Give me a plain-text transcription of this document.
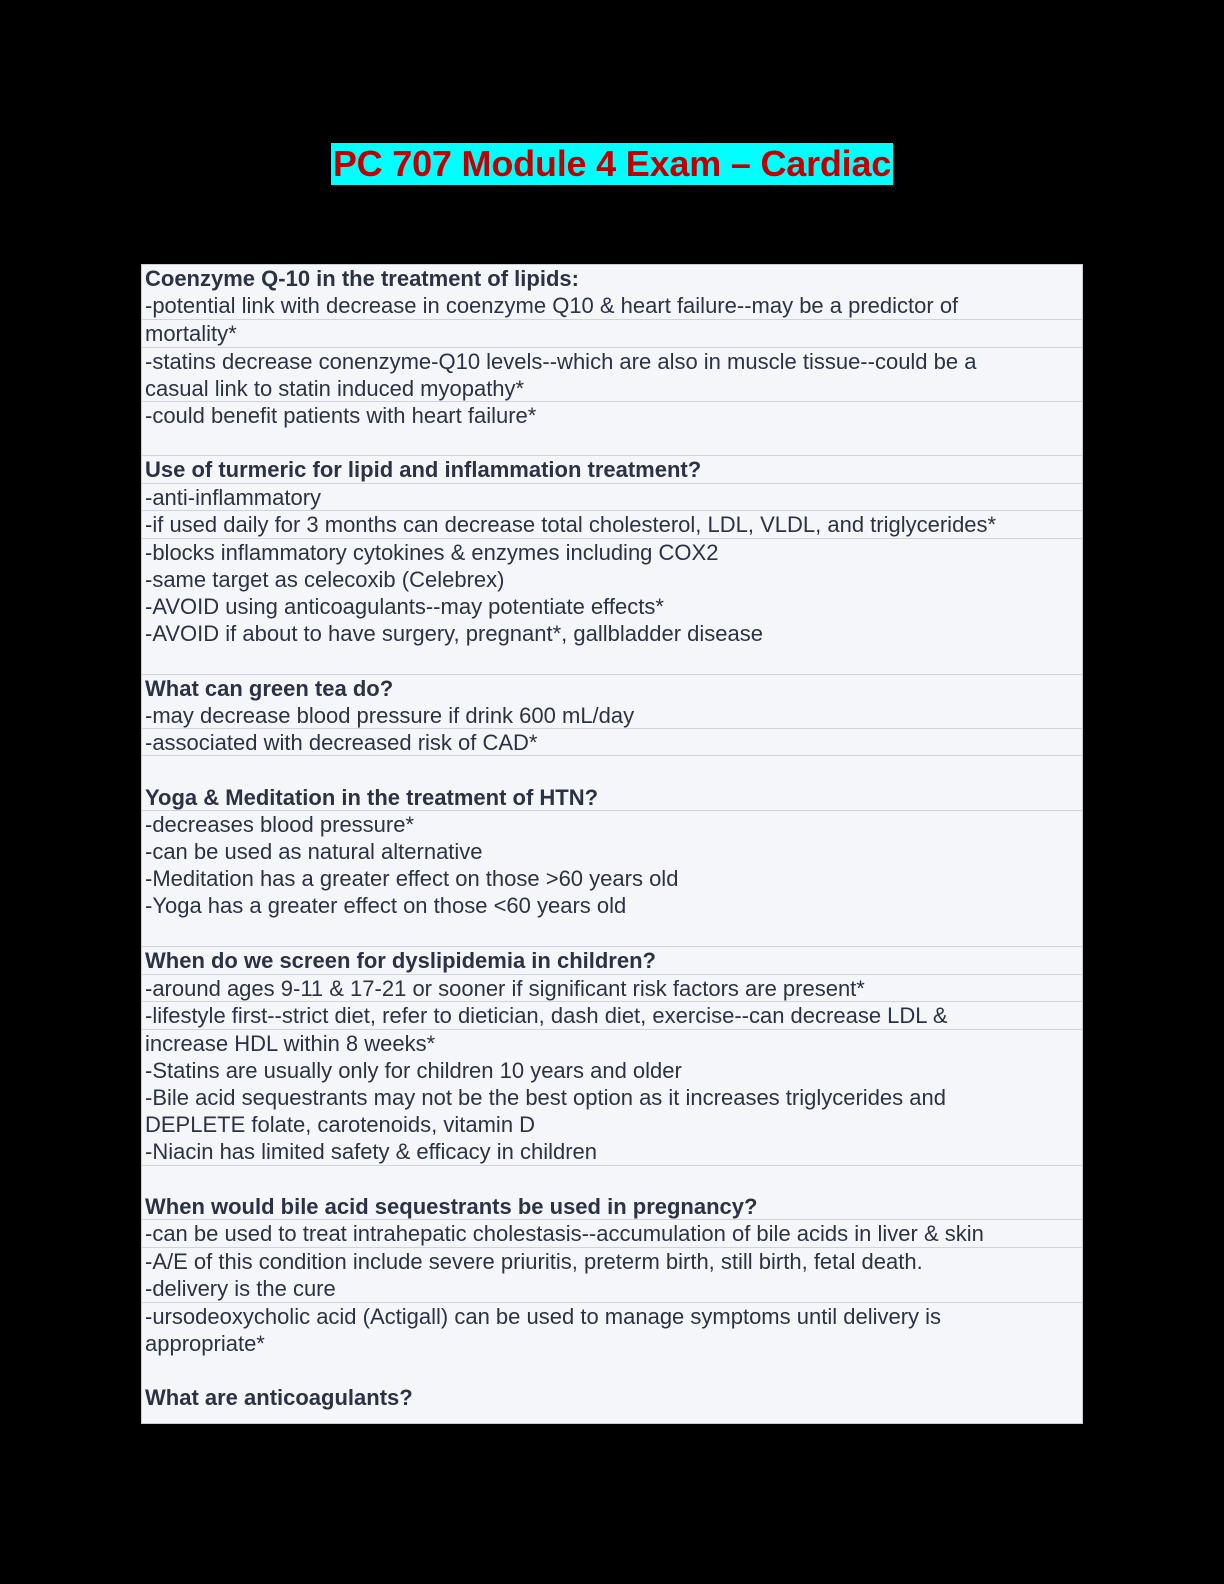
PC 707 Module 4 Exam – Cardiac
Coenzyme Q-10 in the treatment of lipids:
-potential link with decrease in coenzyme Q10 & heart failure--may be a predictor of
mortality*
-statins decrease conenzyme-Q10 levels--which are also in muscle tissue--could be a
casual link to statin induced myopathy*
-could benefit patients with heart failure*
Use of turmeric for lipid and inflammation treatment?
-anti-inflammatory
-if used daily for 3 months can decrease total cholesterol, LDL, VLDL, and triglycerides*
-blocks inflammatory cytokines & enzymes including COX2
-same target as celecoxib (Celebrex)
-AVOID using anticoagulants--may potentiate effects*
-AVOID if about to have surgery, pregnant*, gallbladder disease
What can green tea do?
-may decrease blood pressure if drink 600 mL/day
-associated with decreased risk of CAD*
Yoga & Meditation in the treatment of HTN?
-decreases blood pressure*
-can be used as natural alternative
-Meditation has a greater effect on those >60 years old
-Yoga has a greater effect on those <60 years old
When do we screen for dyslipidemia in children?
-around ages 9-11 & 17-21 or sooner if significant risk factors are present*
-lifestyle first--strict diet, refer to dietician, dash diet, exercise--can decrease LDL &
increase HDL within 8 weeks*
-Statins are usually only for children 10 years and older
-Bile acid sequestrants may not be the best option as it increases triglycerides and
DEPLETE folate, carotenoids, vitamin D
-Niacin has limited safety & efficacy in children
When would bile acid sequestrants be used in pregnancy?
-can be used to treat intrahepatic cholestasis--accumulation of bile acids in liver & skin
-A/E of this condition include severe priuritis, preterm birth, still birth, fetal death.
-delivery is the cure
-ursodeoxycholic acid (Actigall) can be used to manage symptoms until delivery is
appropriate*
What are anticoagulants?
